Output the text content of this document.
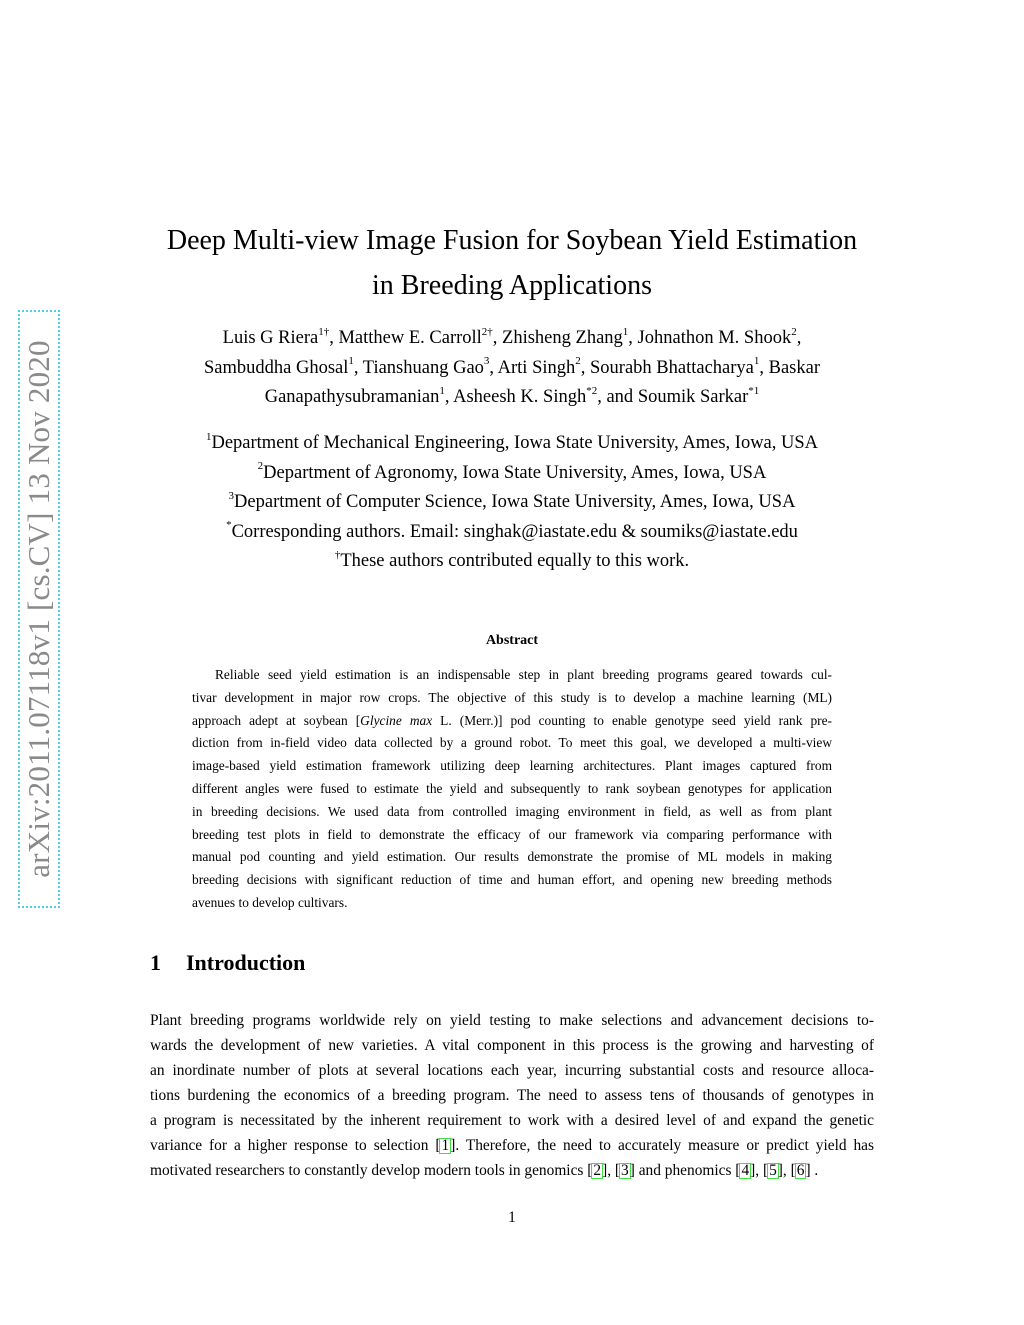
arXiv:2011.07118v1 [cs.CV] 13 Nov 2020
Deep Multi-view Image Fusion for Soybean Yield Estimation
in Breeding Applications
Luis G Riera$^{1\dagger}$, Matthew E. Carroll$^{2\dagger}$, Zhisheng Zhang$^1$, Johnathon M. Shook$^2$,
Sambuddha Ghosal$^1$, Tianshuang Gao$^3$, Arti Singh$^2$, Sourabh Bhattacharya$^1$, Baskar
Ganapathysubramanian$^1$, Asheesh K. Singh$^{*2}$, and Soumik Sarkar$^{*1}$
$^1$Department of Mechanical Engineering, Iowa State University, Ames, Iowa, USA
$^2$Department of Agronomy, Iowa State University, Ames, Iowa, USA
$^3$Department of Computer Science, Iowa State University, Ames, Iowa, USA
*Corresponding authors. Email: singhak@iastate.edu & soumiks@iastate.edu
†These authors contributed equally to this work.
Abstract
Reliable seed yield estimation is an indispensable step in plant breeding programs geared towards cul-
tivar development in major row crops. The objective of this study is to develop a machine learning (ML)
approach adept at soybean [Glycine max L. (Merr.)] pod counting to enable genotype seed yield rank pre-
diction from in-field video data collected by a ground robot. To meet this goal, we developed a multi-view
image-based yield estimation framework utilizing deep learning architectures. Plant images captured from
different angles were fused to estimate the yield and subsequently to rank soybean genotypes for application
in breeding decisions. We used data from controlled imaging environment in field, as well as from plant
breeding test plots in field to demonstrate the efficacy of our framework via comparing performance with
manual pod counting and yield estimation. Our results demonstrate the promise of ML models in making
breeding decisions with significant reduction of time and human effort, and opening new breeding methods
avenues to develop cultivars.
1 Introduction
Plant breeding programs worldwide rely on yield testing to make selections and advancement decisions to-
wards the development of new varieties. A vital component in this process is the growing and harvesting of
an inordinate number of plots at several locations each year, incurring substantial costs and resource alloca-
tions burdening the economics of a breeding program. The need to assess tens of thousands of genotypes in
a program is necessitated by the inherent requirement to work with a desired level of and expand the genetic
variance for a higher response to selection [1]. Therefore, the need to accurately measure or predict yield has
motivated researchers to constantly develop modern tools in genomics [2], [3] and phenomics [4], [5], [6] .
1
